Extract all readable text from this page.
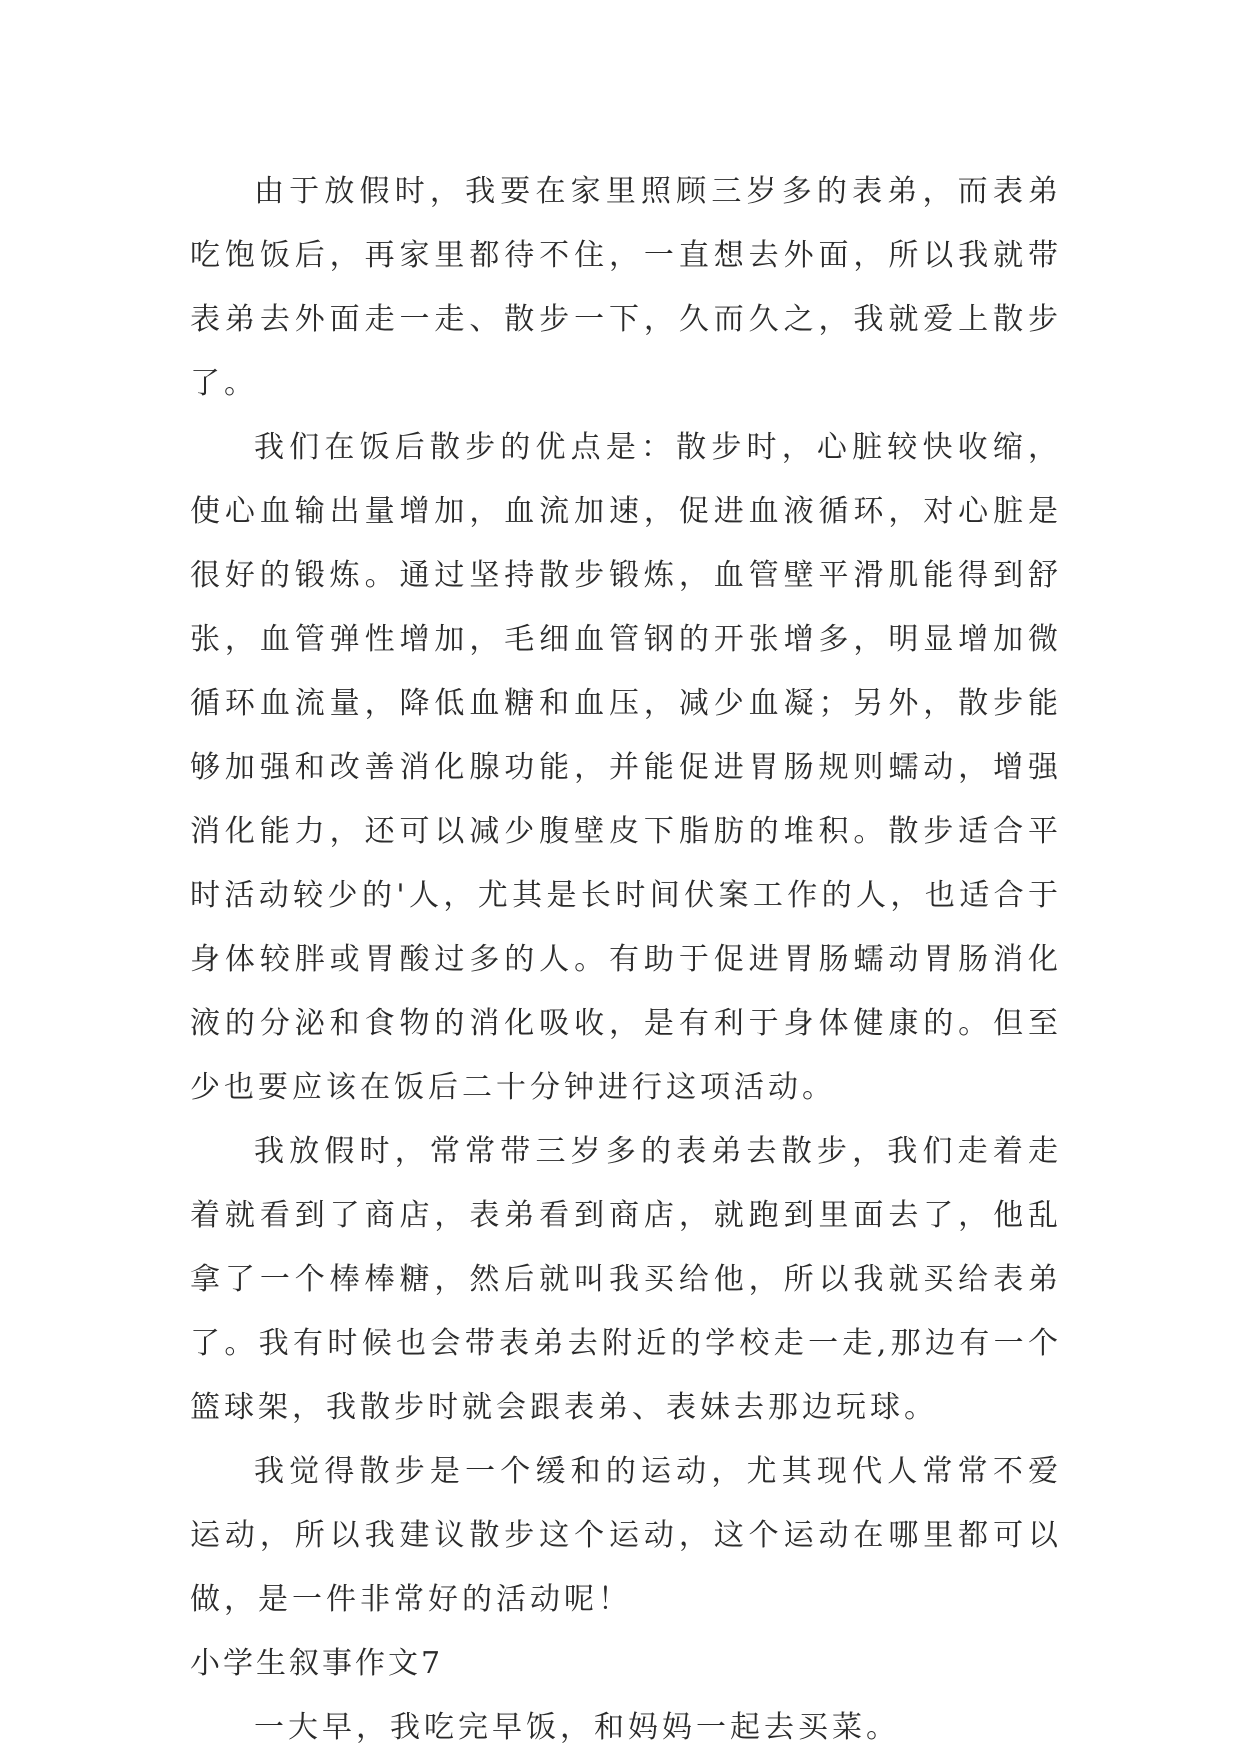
由于放假时，我要在家里照顾三岁多的表弟，而表弟吃饱饭后，再家里都待不住，一直想去外面，所以我就带表弟去外面走一走、散步一下，久而久之，我就爱上散步了。

我们在饭后散步的优点是：散步时，心脏较快收缩，使心血输出量增加，血流加速，促进血液循环，对心脏是很好的锻炼。通过坚持散步锻炼，血管壁平滑肌能得到舒张，血管弹性增加，毛细血管钢的开张增多，明显增加微循环血流量，降低血糖和血压，减少血凝；另外，散步能够加强和改善消化腺功能，并能促进胃肠规则蠕动，增强消化能力，还可以减少腹壁皮下脂肪的堆积。散步适合平时活动较少的'人，尤其是长时间伏案工作的人，也适合于身体较胖或胃酸过多的人。有助于促进胃肠蠕动胃肠消化液的分泌和食物的消化吸收，是有利于身体健康的。但至少也要应该在饭后二十分钟进行这项活动。

我放假时，常常带三岁多的表弟去散步，我们走着走着就看到了商店，表弟看到商店，就跑到里面去了，他乱拿了一个棒棒糖，然后就叫我买给他，所以我就买给表弟了。我有时候也会带表弟去附近的学校走一走,那边有一个篮球架，我散步时就会跟表弟、表妹去那边玩球。

我觉得散步是一个缓和的运动，尤其现代人常常不爱运动，所以我建议散步这个运动，这个运动在哪里都可以做，是一件非常好的活动呢！

小学生叙事作文7

一大早，我吃完早饭，和妈妈一起去买菜。
